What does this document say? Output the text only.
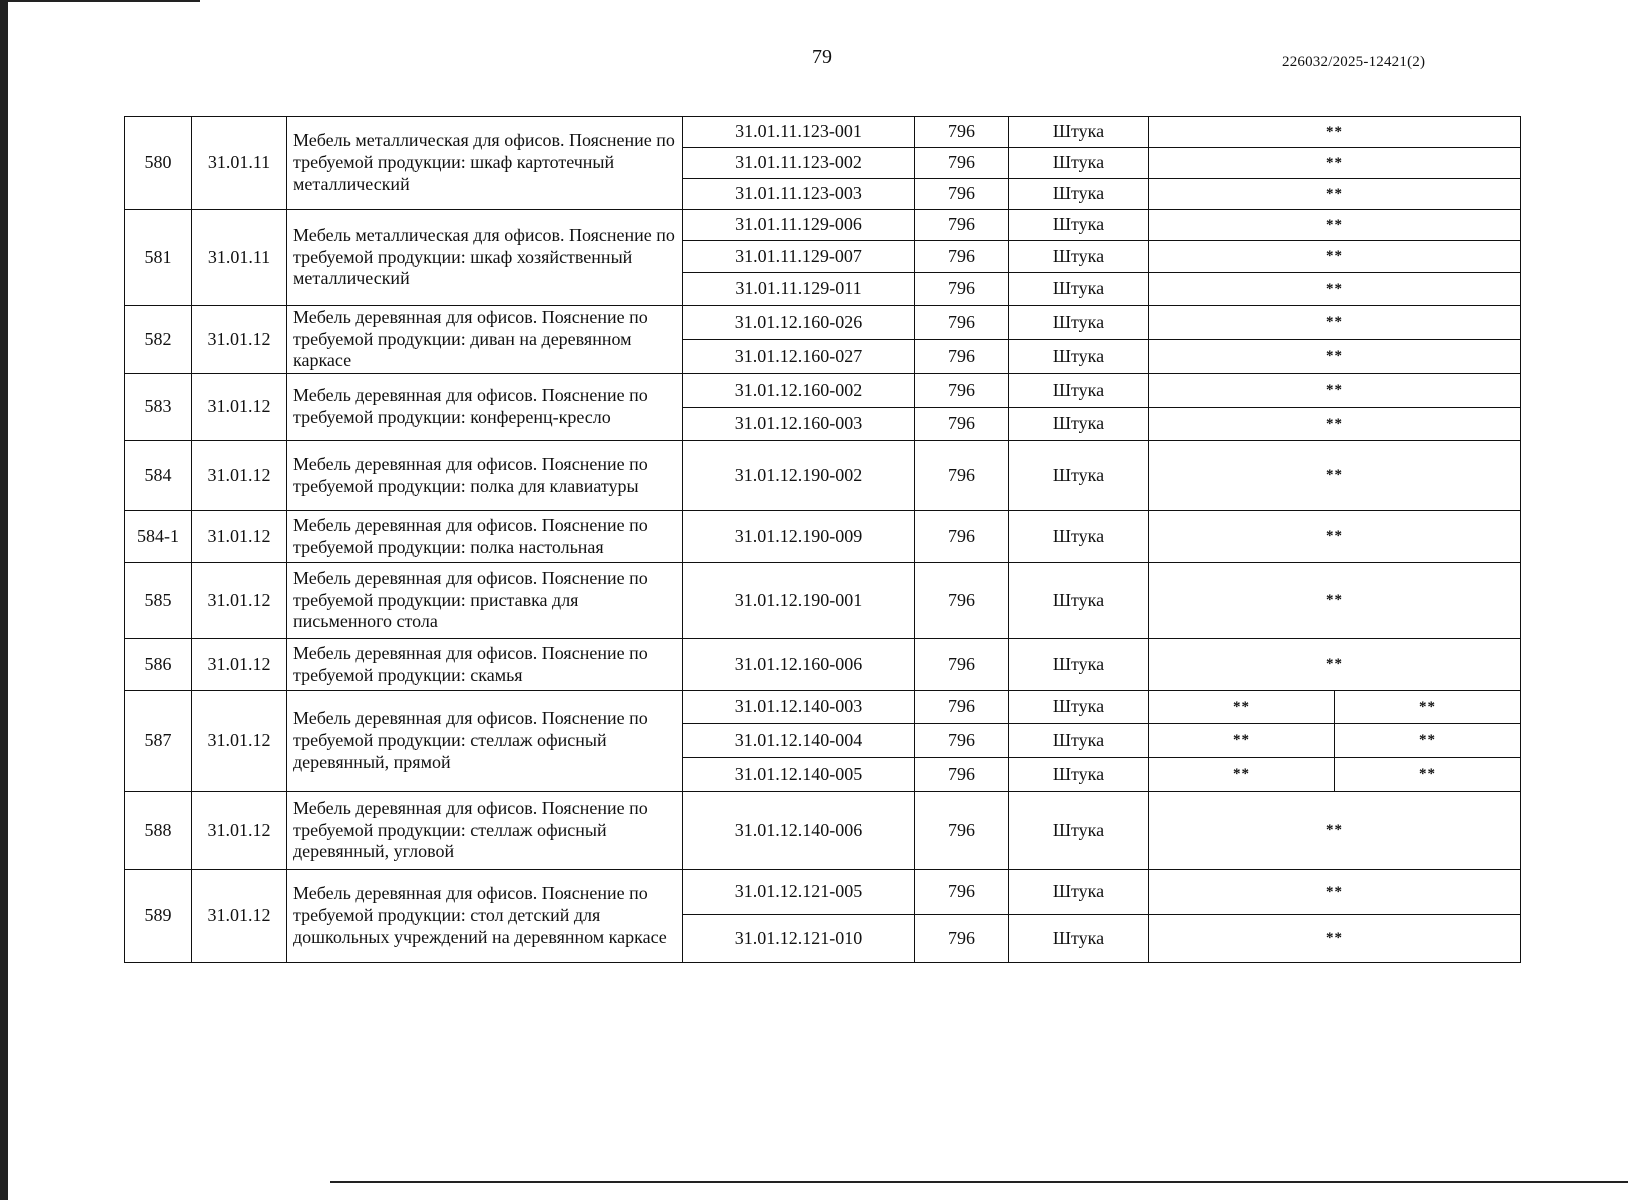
79	226032/2025-12421(2)
580	31.01.11	Мебель металлическая для офисов. Пояснение по требуемой продукции: шкаф картотечный металлический	31.01.11.123-001	796	Штука	**	
			31.01.11.123-002	796	Штука	**	
			31.01.11.123-003	796	Штука	**	
581	31.01.11	Мебель металлическая для офисов. Пояснение по требуемой продукции: шкаф хозяйственный металлический	31.01.11.129-006	796	Штука	**	
			31.01.11.129-007	796	Штука	**	
			31.01.11.129-011	796	Штука	**	
582	31.01.12	Мебель деревянная для офисов. Пояснение по требуемой продукции: диван на деревянном каркасе	31.01.12.160-026	796	Штука	**	
			31.01.12.160-027	796	Штука	**	
583	31.01.12	Мебель деревянная для офисов. Пояснение по требуемой продукции: конференц-кресло	31.01.12.160-002	796	Штука	**	
			31.01.12.160-003	796	Штука	**	
584	31.01.12	Мебель деревянная для офисов. Пояснение по требуемой продукции: полка для клавиатуры	31.01.12.190-002	796	Штука	**	
584-1	31.01.12	Мебель деревянная для офисов. Пояснение по требуемой продукции: полка настольная	31.01.12.190-009	796	Штука	**	
585	31.01.12	Мебель деревянная для офисов. Пояснение по требуемой продукции: приставка для письменного стола	31.01.12.190-001	796	Штука	**	
586	31.01.12	Мебель деревянная для офисов. Пояснение по требуемой продукции: скамья	31.01.12.160-006	796	Штука	**	
587	31.01.12	Мебель деревянная для офисов. Пояснение по требуемой продукции: стеллаж офисный деревянный, прямой	31.01.12.140-003	796	Штука	**	**
			31.01.12.140-004	796	Штука	**	**
			31.01.12.140-005	796	Штука	**	**
588	31.01.12	Мебель деревянная для офисов. Пояснение по требуемой продукции: стеллаж офисный деревянный, угловой	31.01.12.140-006	796	Штука	**	
589	31.01.12	Мебель деревянная для офисов. Пояснение по требуемой продукции: стол детский для дошкольных учреждений на деревянном каркасе	31.01.12.121-005	796	Штука	**	
			31.01.12.121-010	796	Штука	**	
